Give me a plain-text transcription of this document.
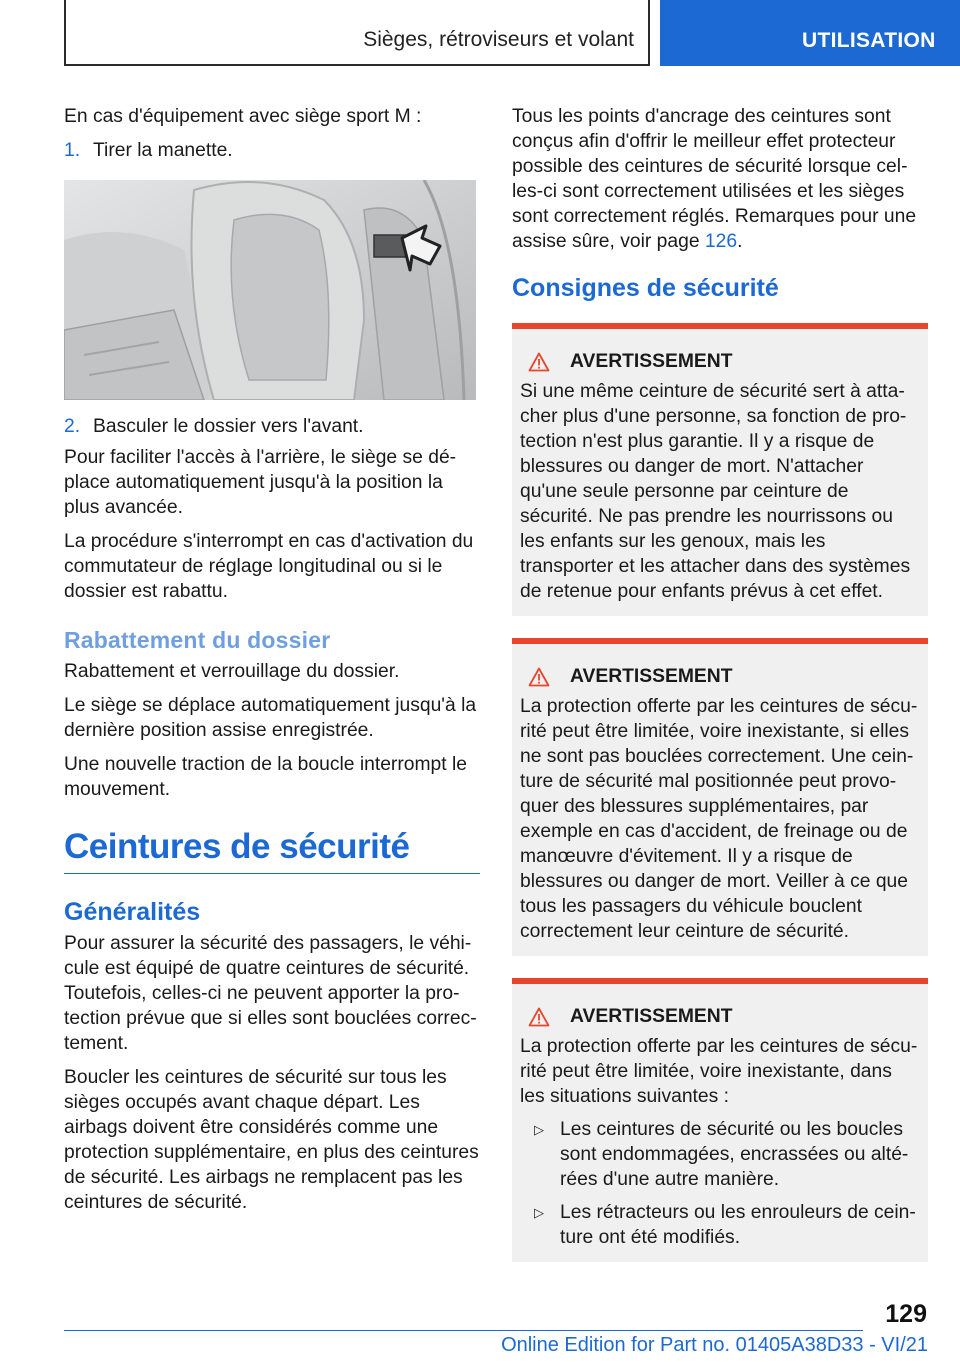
Sièges, rétroviseurs et volant	UTILISATION

En cas d'équipement avec siège sport M :

1. Tirer la manette.
2. Basculer le dossier vers l'avant.

Pour faciliter l'accès à l'arrière, le siège se déplace automatiquement jusqu'à la position la plus avancée.

La procédure s'interrompt en cas d'activation du commutateur de réglage longitudinal ou si le dossier est rabattu.

Rabattement du dossier

Rabattement et verrouillage du dossier.

Le siège se déplace automatiquement jusqu'à la dernière position assise enregistrée.

Une nouvelle traction de la boucle interrompt le mouvement.

Ceintures de sécurité
Généralités

Pour assurer la sécurité des passagers, le véhicule est équipé de quatre ceintures de sécurité. Toutefois, celles-ci ne peuvent apporter la protection prévue que si elles sont bouclées correctement.

Boucler les ceintures de sécurité sur tous les sièges occupés avant chaque départ. Les airbags doivent être considérés comme une protection supplémentaire, en plus des ceintures de sécurité. Les airbags ne remplacent pas les ceintures de sécurité.

Tous les points d'ancrage des ceintures sont conçus afin d'offrir le meilleur effet protecteur possible des ceintures de sécurité lorsque celles-ci sont correctement utilisées et les sièges sont correctement réglés. Remarques pour une assise sûre, voir page 126.

Consignes de sécurité
AVERTISSEMENT

Si une même ceinture de sécurité sert à attacher plus d'une personne, sa fonction de protection n'est plus garantie. Il y a risque de blessures ou danger de mort. N'attacher qu'une seule personne par ceinture de sécurité. Ne pas prendre les nourrissons ou les enfants sur les genoux, mais les transporter et les attacher dans des systèmes de retenue pour enfants prévus à cet effet.

AVERTISSEMENT

La protection offerte par les ceintures de sécurité peut être limitée, voire inexistante, si elles ne sont pas bouclées correctement. Une ceinture de sécurité mal positionnée peut provoquer des blessures supplémentaires, par exemple en cas d'accident, de freinage ou de manœuvre d'évitement. Il y a risque de blessures ou danger de mort. Veiller à ce que tous les passagers du véhicule bouclent correctement leur ceinture de sécurité.

AVERTISSEMENT

La protection offerte par les ceintures de sécurité peut être limitée, voire inexistante, dans les situations suivantes :

▷ Les ceintures de sécurité ou les boucles sont endommagées, encrassées ou altérées d'une autre manière.
▷ Les rétracteurs ou les enrouleurs de ceinture ont été modifiés.
129
Online Edition for Part no. 01405A38D33 - VI/21
